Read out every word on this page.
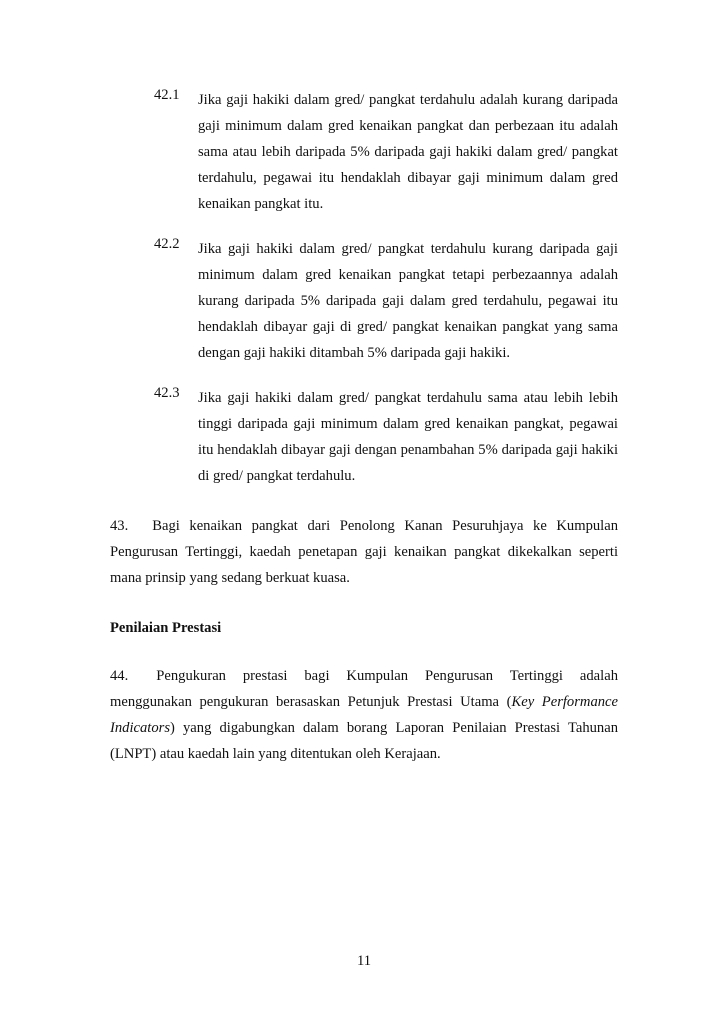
42.1 Jika gaji hakiki dalam gred/ pangkat terdahulu adalah kurang daripada gaji minimum dalam gred kenaikan pangkat dan perbezaan itu adalah sama atau lebih daripada 5% daripada gaji hakiki dalam gred/ pangkat terdahulu, pegawai itu hendaklah dibayar gaji minimum dalam gred kenaikan pangkat itu.

42.2 Jika gaji hakiki dalam gred/ pangkat terdahulu kurang daripada gaji minimum dalam gred kenaikan pangkat tetapi perbezaannya adalah kurang daripada 5% daripada gaji dalam gred terdahulu, pegawai itu hendaklah dibayar gaji di gred/ pangkat kenaikan pangkat yang sama dengan gaji hakiki ditambah 5% daripada gaji hakiki.

42.3 Jika gaji hakiki dalam gred/ pangkat terdahulu sama atau lebih lebih tinggi daripada gaji minimum dalam gred kenaikan pangkat, pegawai itu hendaklah dibayar gaji dengan penambahan 5% daripada gaji hakiki di gred/ pangkat terdahulu.

43. Bagi kenaikan pangkat dari Penolong Kanan Pesuruhjaya ke Kumpulan Pengurusan Tertinggi, kaedah penetapan gaji kenaikan pangkat dikekalkan seperti mana prinsip yang sedang berkuat kuasa.

Penilaian Prestasi

44. Pengukuran prestasi bagi Kumpulan Pengurusan Tertinggi adalah menggunakan pengukuran berasaskan Petunjuk Prestasi Utama (Key Performance Indicators) yang digabungkan dalam borang Laporan Penilaian Prestasi Tahunan (LNPT) atau kaedah lain yang ditentukan oleh Kerajaan.

11
